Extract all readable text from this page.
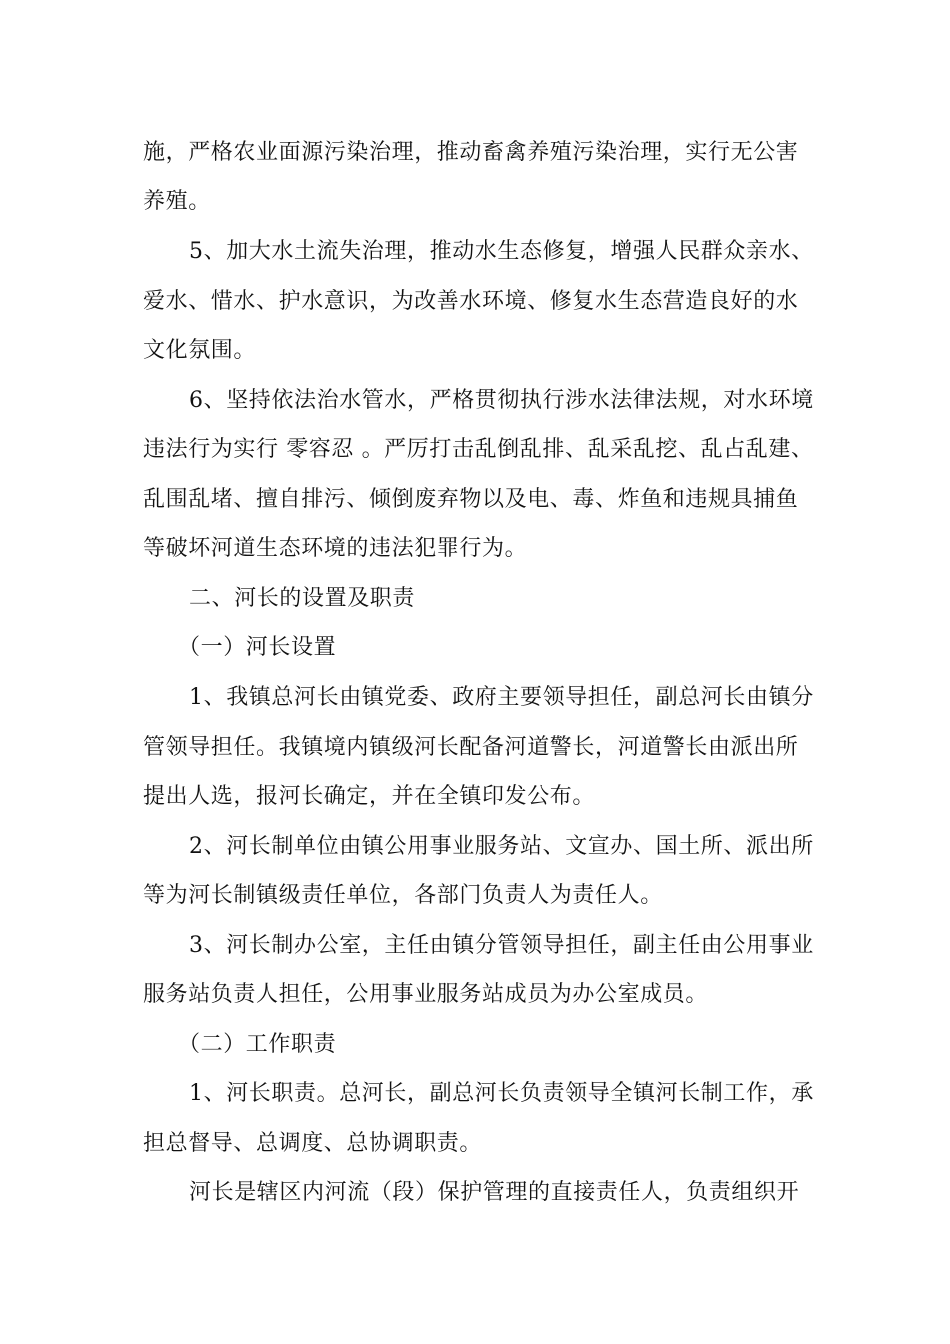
施，严格农业面源污染治理，推动畜禽养殖污染治理，实行无公害
养殖。
5、加大水土流失治理，推动水生态修复，增强人民群众亲水、
爱水、惜水、护水意识，为改善水环境、修复水生态营造良好的水
文化氛围。
6、坚持依法治水管水，严格贯彻执行涉水法律法规，对水环境
违法行为实行 零容忍 。严厉打击乱倒乱排、乱采乱挖、乱占乱建、
乱围乱堵、擅自排污、倾倒废弃物以及电、毒、炸鱼和违规具捕鱼
等破坏河道生态环境的违法犯罪行为。
二、河长的设置及职责
（一）河长设置
1、我镇总河长由镇党委、政府主要领导担任，副总河长由镇分
管领导担任。我镇境内镇级河长配备河道警长，河道警长由派出所
提出人选，报河长确定，并在全镇印发公布。
2、河长制单位由镇公用事业服务站、文宣办、国土所、派出所
等为河长制镇级责任单位，各部门负责人为责任人。
3、河长制办公室，主任由镇分管领导担任，副主任由公用事业
服务站负责人担任，公用事业服务站成员为办公室成员。
（二）工作职责
1、河长职责。总河长，副总河长负责领导全镇河长制工作，承
担总督导、总调度、总协调职责。
河长是辖区内河流（段）保护管理的直接责任人，负责组织开
